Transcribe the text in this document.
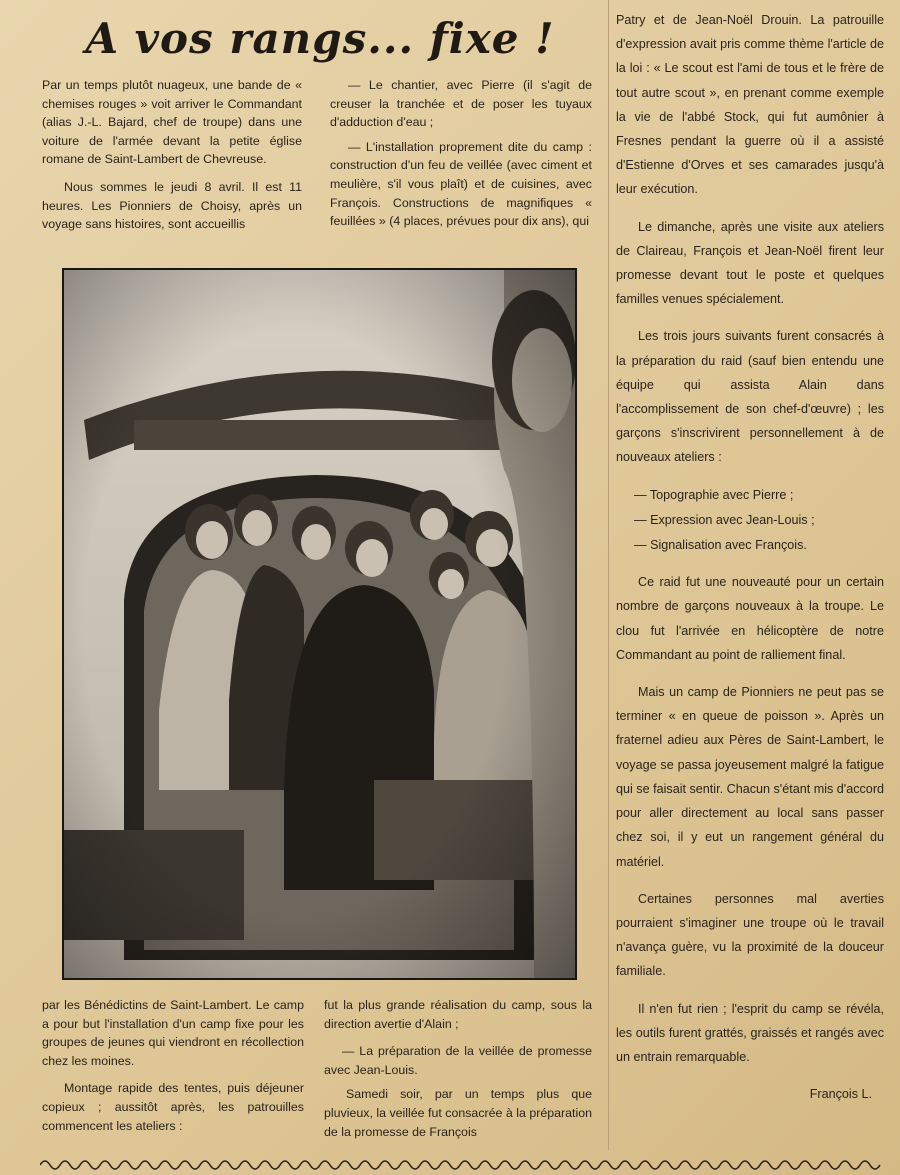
A vos rangs... fixe !

Par un temps plutôt nuageux, une bande de « chemises rouges » voit arriver le Commandant (alias J.-L. Bajard, chef de troupe) dans une voiture de l'armée devant la petite église romane de Saint-Lambert de Chevreuse.

Nous sommes le jeudi 8 avril. Il est 11 heures. Les Pionniers de Choisy, après un voyage sans histoires, sont accueillis

— Le chantier, avec Pierre (il s'agit de creuser la tranchée et de poser les tuyaux d'adduction d'eau ;

— L'installation proprement dite du camp : construction d'un feu de veillée (avec ciment et meulière, s'il vous plaît) et de cuisines, avec François. Constructions de magnifiques « feuillées » (4 places, prévues pour dix ans), qui

par les Bénédictins de Saint-Lambert. Le camp a pour but l'installation d'un camp fixe pour les groupes de jeunes qui viendront en récollection chez les moines.

Montage rapide des tentes, puis déjeuner copieux ; aussitôt après, les patrouilles commencent les ateliers :

fut la plus grande réalisation du camp, sous la direction avertie d'Alain ;

— La préparation de la veillée de promesse avec Jean-Louis.

Samedi soir, par un temps plus que pluvieux, la veillée fut consacrée à la préparation de la promesse de François

Patry et de Jean-Noël Drouin. La patrouille d'expression avait pris comme thème l'article de la loi : « Le scout est l'ami de tous et le frère de tout autre scout », en prenant comme exemple la vie de l'abbé Stock, qui fut aumônier à Fresnes pendant la guerre où il a assisté d'Estienne d'Orves et ses camarades jusqu'à leur exécution.

Le dimanche, après une visite aux ateliers de Claireau, François et Jean-Noël firent leur promesse devant tout le poste et quelques familles venues spécialement.

Les trois jours suivants furent consacrés à la préparation du raid (sauf bien entendu une équipe qui assista Alain dans l'accomplissement de son chef-d'œuvre) ; les garçons s'inscrivirent personnellement à de nouveaux ateliers :

— Topographie avec Pierre ;

— Expression avec Jean-Louis ;

— Signalisation avec François.

Ce raid fut une nouveauté pour un certain nombre de garçons nouveaux à la troupe. Le clou fut l'arrivée en hélicoptère de notre Commandant au point de ralliement final.

Mais un camp de Pionniers ne peut pas se terminer « en queue de poisson ». Après un fraternel adieu aux Pères de Saint-Lambert, le voyage se passa joyeusement malgré la fatigue qui se faisait sentir. Chacun s'étant mis d'accord pour aller directement au local sans passer chez soi, il y eut un rangement général du matériel.

Certaines personnes mal averties pourraient s'imaginer une troupe où le travail n'avança guère, vu la proximité de la douceur familiale.

Il n'en fut rien ; l'esprit du camp se révéla, les outils furent grattés, graissés et rangés avec un entrain remarquable.

François L.
